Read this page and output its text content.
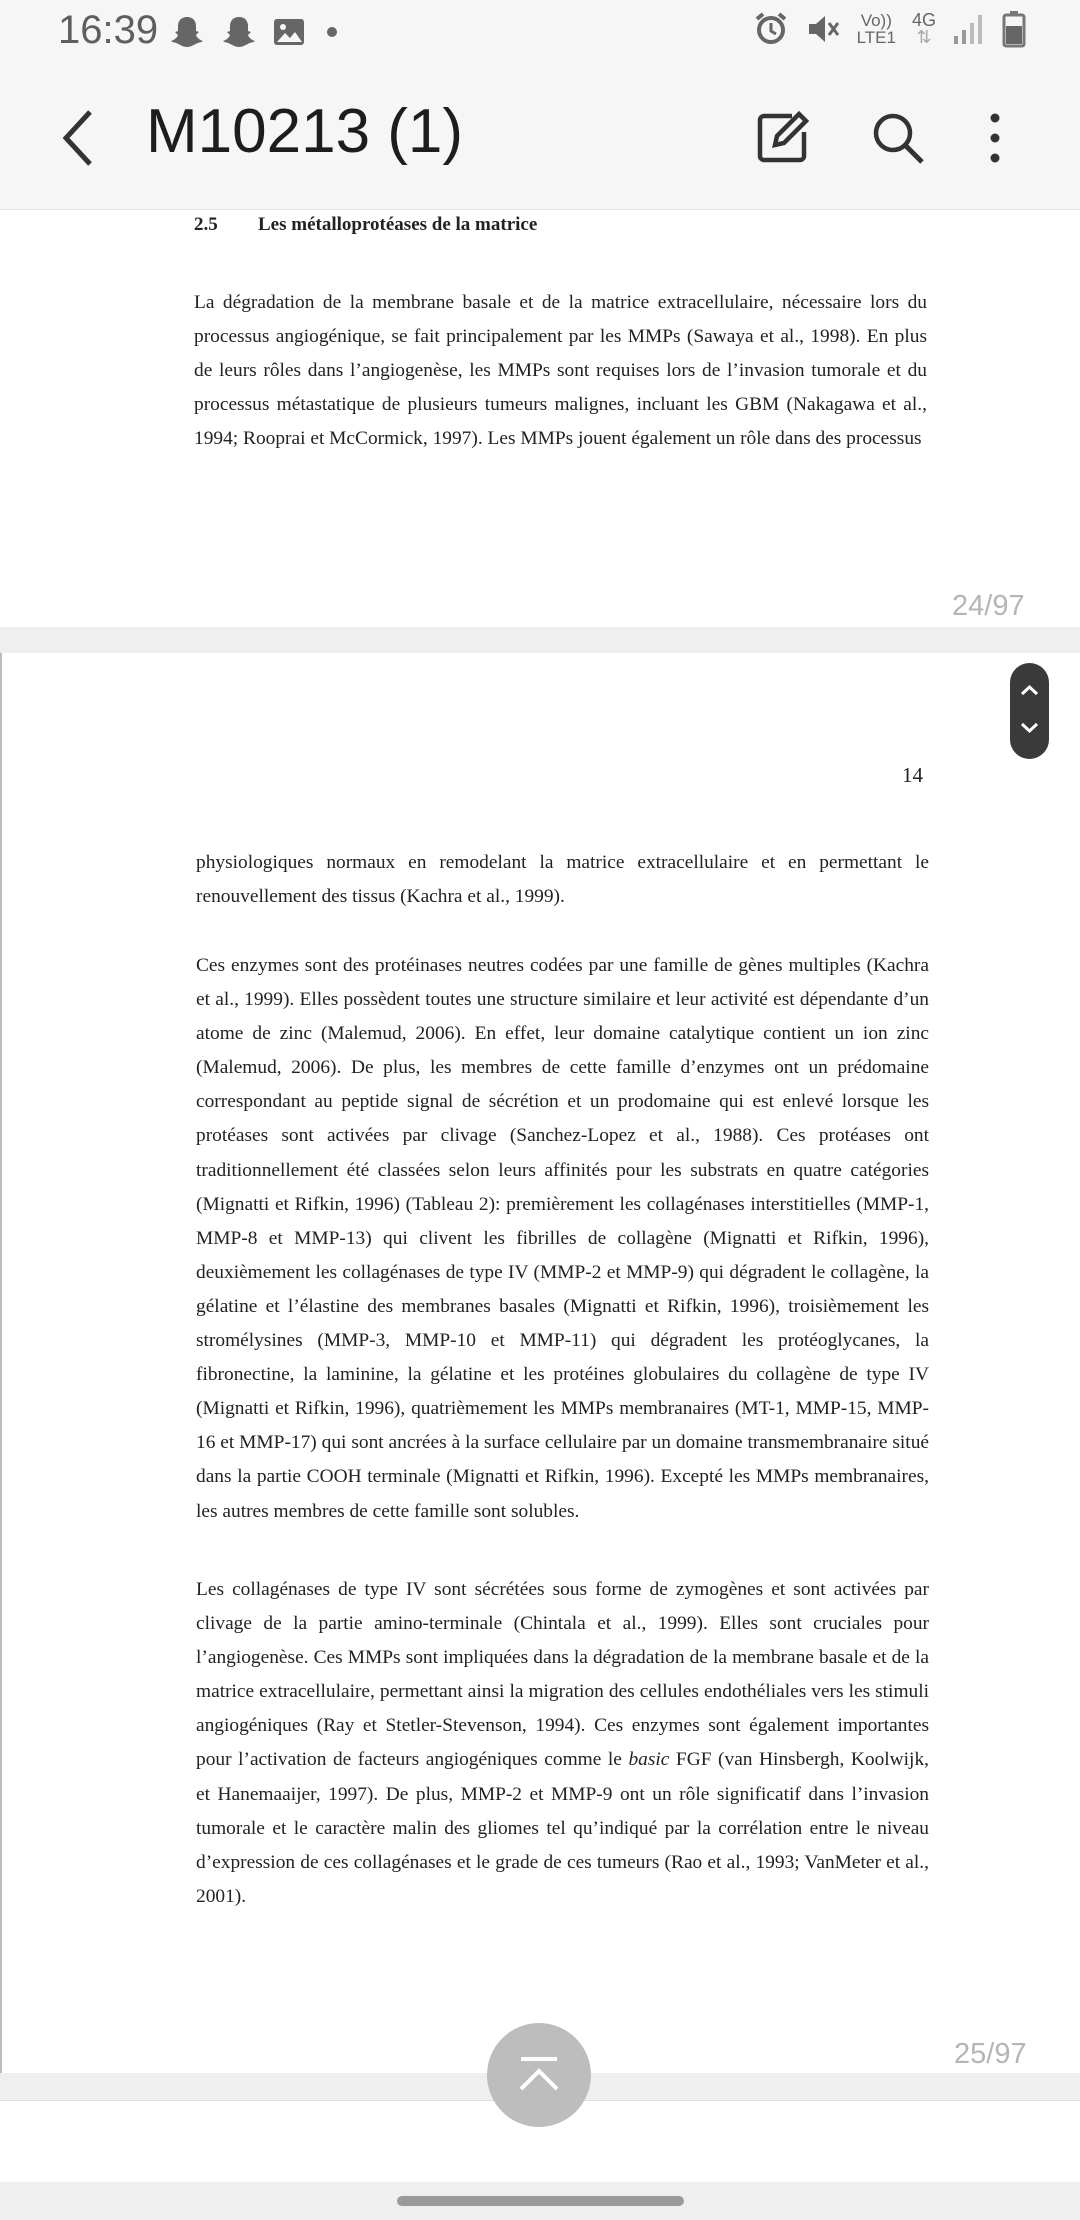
16:39	Vo))
LTE1
4G
⇅
M10213 (1)
2.5 Les métalloprotéases de la matrice

La dégradation de la membrane basale et de la matrice extracellulaire, nécessaire lors du processus angiogénique, se fait principalement par les MMPs (Sawaya et al., 1998). En plus de leurs rôles dans l’angiogenèse, les MMPs sont requises lors de l’invasion tumorale et du processus métastatique de plusieurs tumeurs malignes, incluant les GBM (Nakagawa et al., 1994; Rooprai et McCormick, 1997). Les MMPs jouent également un rôle dans des processus

24/97
14

physiologiques normaux en remodelant la matrice extracellulaire et en permettant le renouvellement des tissus (Kachra et al., 1999).

Ces enzymes sont des protéinases neutres codées par une famille de gènes multiples (Kachra et al., 1999). Elles possèdent toutes une structure similaire et leur activité est dépendante d’un atome de zinc (Malemud, 2006). En effet, leur domaine catalytique contient un ion zinc (Malemud, 2006). De plus, les membres de cette famille d’enzymes ont un prédomaine correspondant au peptide signal de sécrétion et un prodomaine qui est enlevé lorsque les protéases sont activées par clivage (Sanchez-Lopez et al., 1988). Ces protéases ont traditionnellement été classées selon leurs affinités pour les substrats en quatre catégories (Mignatti et Rifkin, 1996) (Tableau 2): premièrement les collagénases interstitielles (MMP-1, MMP-8 et MMP-13) qui clivent les fibrilles de collagène (Mignatti et Rifkin, 1996), deuxièmement les collagénases de type IV (MMP-2 et MMP-9) qui dégradent le collagène, la gélatine et l’élastine des membranes basales (Mignatti et Rifkin, 1996), troisièmement les stromélysines (MMP-3, MMP-10 et MMP-11) qui dégradent les protéoglycanes, la fibronectine, la laminine, la gélatine et les protéines globulaires du collagène de type IV (Mignatti et Rifkin, 1996), quatrièmement les MMPs membranaires (MT-1, MMP-15, MMP-16 et MMP-17) qui sont ancrées à la surface cellulaire par un domaine transmembranaire situé dans la partie COOH terminale (Mignatti et Rifkin, 1996). Excepté les MMPs membranaires, les autres membres de cette famille sont solubles.

Les collagénases de type IV sont sécrétées sous forme de zymogènes et sont activées par clivage de la partie amino-terminale (Chintala et al., 1999). Elles sont cruciales pour l’angiogenèse. Ces MMPs sont impliquées dans la dégradation de la membrane basale et de la matrice extracellulaire, permettant ainsi la migration des cellules endothéliales vers les stimuli angiogéniques (Ray et Stetler-Stevenson, 1994). Ces enzymes sont également importantes pour l’activation de facteurs angiogéniques comme le basic FGF (van Hinsbergh, Koolwijk, et Hanemaaijer, 1997). De plus, MMP-2 et MMP-9 ont un rôle significatif dans l’invasion tumorale et le caractère malin des gliomes tel qu’indiqué par la corrélation entre le niveau d’expression de ces collagénases et le grade de ces tumeurs (Rao et al., 1993; VanMeter et al., 2001).

25/97
